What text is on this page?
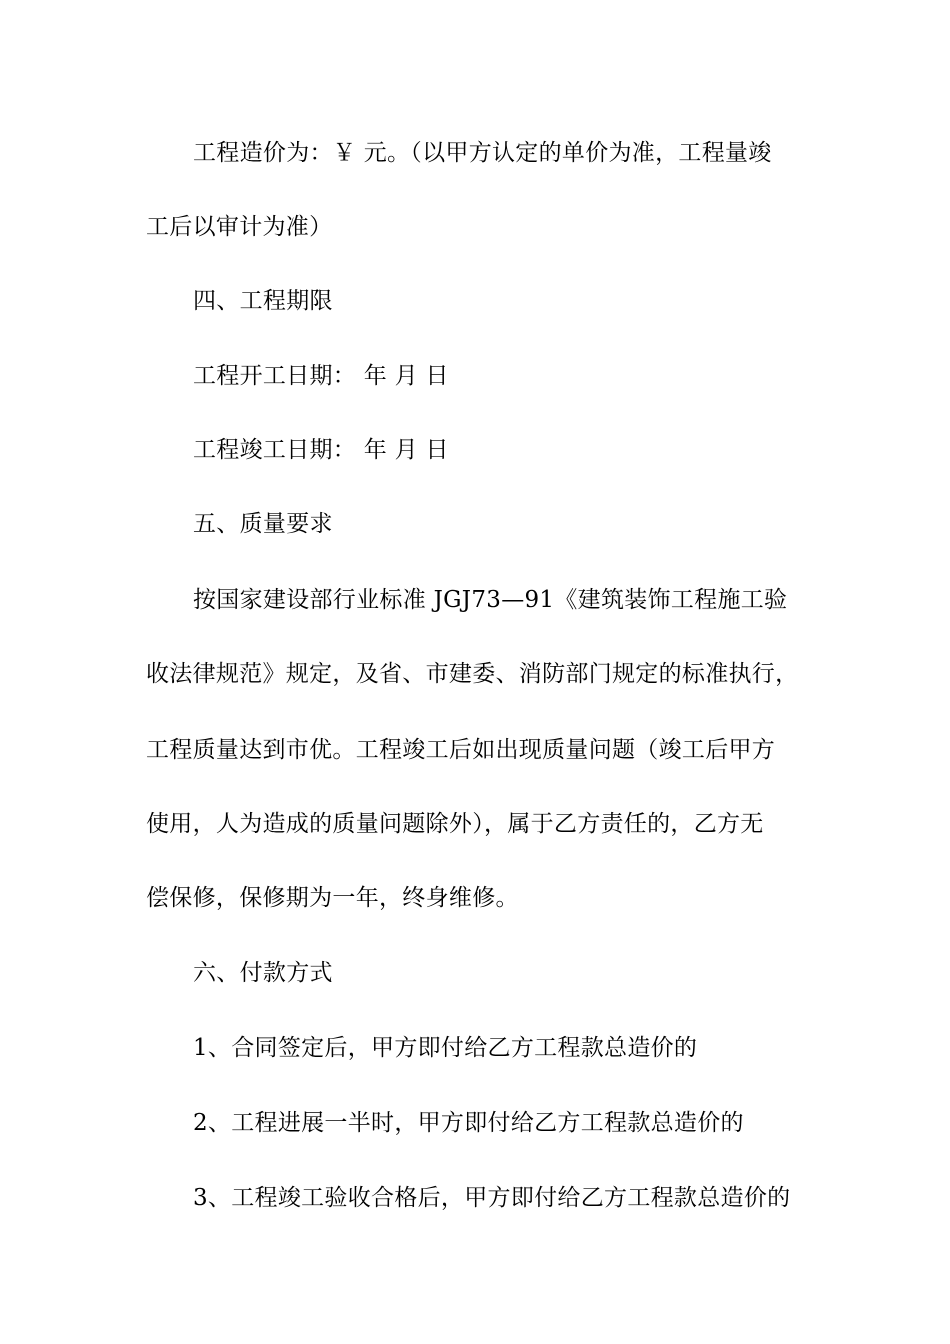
工程造价为：￥ 元。（以甲方认定的单价为准，工程量竣
工后以审计为准）
四、工程期限
工程开工日期： 年 月 日
工程竣工日期： 年 月 日
五、质量要求
按国家建设部行业标准 JGJ73—91《建筑装饰工程施工验
收法律规范》规定，及省、市建委、消防部门规定的标准执行，
工程质量达到市优。工程竣工后如出现质量问题（竣工后甲方
使用，人为造成的质量问题除外），属于乙方责任的，乙方无
偿保修，保修期为一年，终身维修。
六、付款方式
1、合同签定后，甲方即付给乙方工程款总造价的
2、工程进展一半时，甲方即付给乙方工程款总造价的
3、工程竣工验收合格后，甲方即付给乙方工程款总造价的
